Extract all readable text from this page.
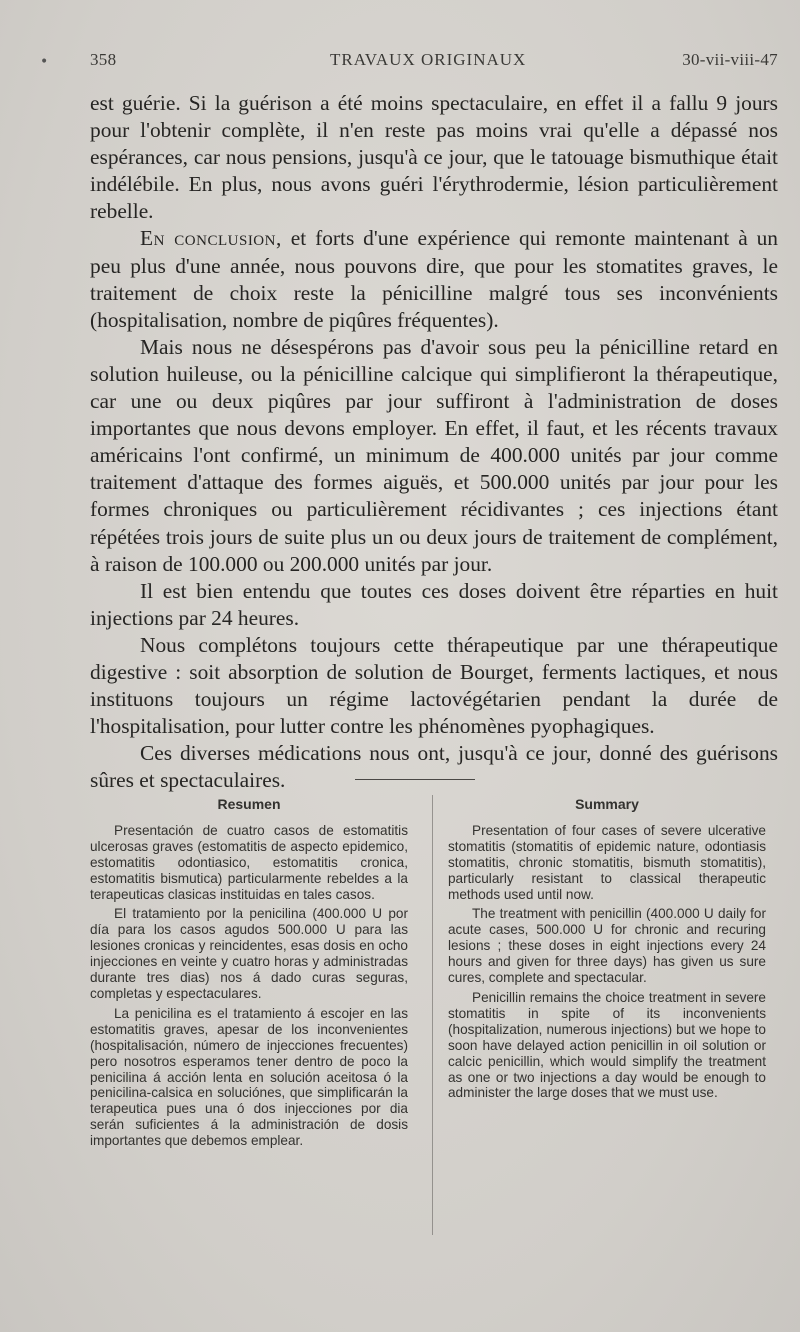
• 358	TRAVAUX ORIGINAUX	30-vii-viii-47

est guérie. Si la guérison a été moins spectaculaire, en effet il a fallu 9 jours pour l'obtenir complète, il n'en reste pas moins vrai qu'elle a dépassé nos espérances, car nous pensions, jusqu'à ce jour, que le tatouage bismuthique était indélébile. En plus, nous avons guéri l'érythrodermie, lésion particulièrement rebelle.

En conclusion, et forts d'une expérience qui remonte maintenant à un peu plus d'une année, nous pouvons dire, que pour les stomatites graves, le traitement de choix reste la pénicilline malgré tous ses inconvénients (hospitalisation, nombre de piqûres fréquentes).

Mais nous ne désespérons pas d'avoir sous peu la pénicilline retard en solution huileuse, ou la pénicilline calcique qui simplifieront la thérapeutique, car une ou deux piqûres par jour suffiront à l'administration de doses importantes que nous devons employer. En effet, il faut, et les récents travaux américains l'ont confirmé, un minimum de 400.000 unités par jour comme traitement d'attaque des formes aiguës, et 500.000 unités par jour pour les formes chroniques ou particulièrement récidivantes ; ces injections étant répétées trois jours de suite plus un ou deux jours de traitement de complément, à raison de 100.000 ou 200.000 unités par jour.

Il est bien entendu que toutes ces doses doivent être réparties en huit injections par 24 heures.

Nous complétons toujours cette thérapeutique par une thérapeutique digestive : soit absorption de solution de Bourget, ferments lactiques, et nous instituons toujours un régime lactovégétarien pendant la durée de l'hospitalisation, pour lutter contre les phénomènes pyophagiques.

Ces diverses médications nous ont, jusqu'à ce jour, donné des guérisons sûres et spectaculaires.

Resumen

Presentación de cuatro casos de estomatitis ulcerosas graves (estomatitis de aspecto epidemico, estomatitis odontiasico, estomatitis cronica, estomatitis bismutica) particularmente rebeldes a la terapeuticas clasicas instituidas en tales casos.

El tratamiento por la penicilina (400.000 U por día para los casos agudos 500.000 U para las lesiones cronicas y reincidentes, esas dosis en ocho injecciones en veinte y cuatro horas y administradas durante tres dias) nos á dado curas seguras, completas y espectaculares.

La penicilina es el tratamiento á escojer en las estomatitis graves, apesar de los inconvenientes (hospitalisación, número de injecciones frecuentes) pero nosotros esperamos tener dentro de poco la penicilina á acción lenta en solución aceitosa ó la penicilina-calsica en soluciónes, que simplificarán la terapeutica pues una ó dos injecciones por dia serán suficientes á la administración de dosis importantes que debemos emplear.

Summary

Presentation of four cases of severe ulcerative stomatitis (stomatitis of epidemic nature, odontiasis stomatitis, chronic stomatitis, bismuth stomatitis), particularly resistant to classical therapeutic methods used until now.

The treatment with penicillin (400.000 U daily for acute cases, 500.000 U for chronic and recuring lesions ; these doses in eight injections every 24 hours and given for three days) has given us sure cures, complete and spectacular.

Penicillin remains the choice treatment in severe stomatitis in spite of its inconvenients (hospitalization, numerous injections) but we hope to soon have delayed action penicillin in oil solution or calcic penicillin, which would simplify the treatment as one or two injections a day would be enough to administer the large doses that we must use.
